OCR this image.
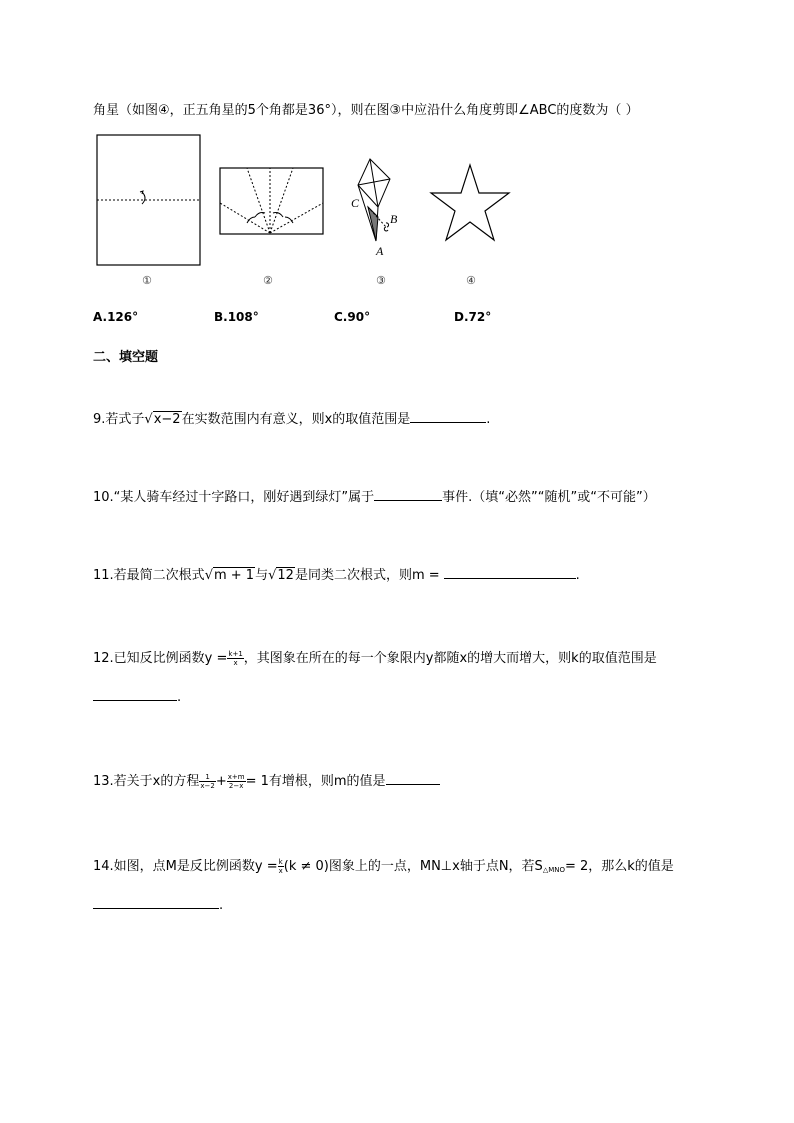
角星（如图④，正五角星的5个角都是36°），则在图③中应沿什么角度剪即∠ABC的度数为（ ）
①	②
C
B
A
③	④
A.126°	B.108°	C.90°	D.72°
二、填空题
9.若式子√x−2在实数范围内有意义，则x的取值范围是	.
10.“某人骑车经过十字路口，刚好遇到绿灯”属于	事件.（填“必然”“随机”或“不可能”）
11.若最简二次根式√m + 1与√12是同类二次根式，则m =	.
12.已知反比例函数$y = \frac{k+1}{x}$ ，其图象在所在的每一个象限内y都随x的增大而增大，则k的取值范围是
.
13.若关于x的方程 $\frac{1}{x-2} + \frac{x+m}{2-x} = 1$有增根，则m的值是
14.如图，点M是反比例函数$y = \frac{k}{x} (k \ne 0)$图象上的一点，MN⊥x轴于点N，若$S_{\triangle MNO}= 2$，那么k的值是
.
